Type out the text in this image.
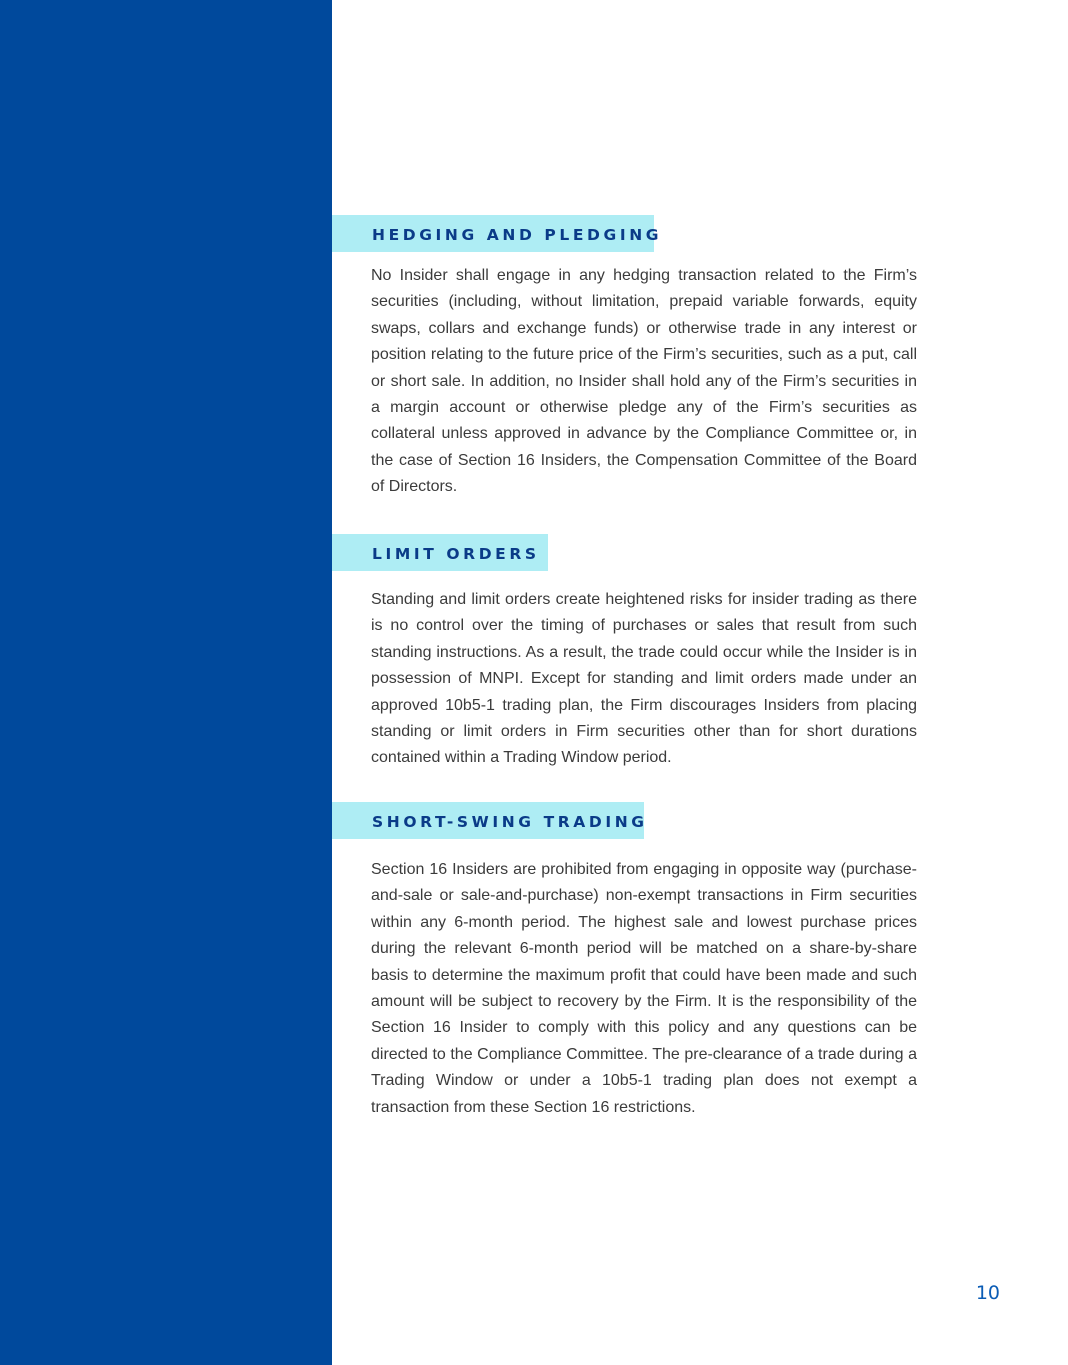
HEDGING AND PLEDGING

No Insider shall engage in any hedging transaction related to the Firm’s securities (including, without limitation, prepaid variable forwards, equity swaps, collars and exchange funds) or otherwise trade in any interest or position relating to the future price of the Firm’s securities, such as a put, call or short sale. In addition, no Insider shall hold any of the Firm’s securities in a margin account or otherwise pledge any of the Firm’s securities as collateral unless approved in advance by the Compliance Committee or, in the case of Section 16 Insiders, the Compensation Committee of the Board of Directors.

LIMIT ORDERS

Standing and limit orders create heightened risks for insider trading as there is no control over the timing of purchases or sales that result from such standing instructions. As a result, the trade could occur while the Insider is in possession of MNPI. Except for standing and limit orders made under an approved 10b5-1 trading plan, the Firm discourages Insiders from placing standing or limit orders in Firm securities other than for short durations contained within a Trading Window period.

SHORT-SWING TRADING

Section 16 Insiders are prohibited from engaging in opposite way (purchase-and-sale or sale-and-purchase) non-exempt transactions in Firm securities within any 6-month period. The highest sale and lowest purchase prices during the relevant 6-month period will be matched on a share-by-share basis to determine the maximum profit that could have been made and such amount will be subject to recovery by the Firm. It is the responsibility of the Section 16 Insider to comply with this policy and any questions can be directed to the Compliance Committee. The pre-clearance of a trade during a Trading Window or under a 10b5-1 trading plan does not exempt a transaction from these Section 16 restrictions.

10
